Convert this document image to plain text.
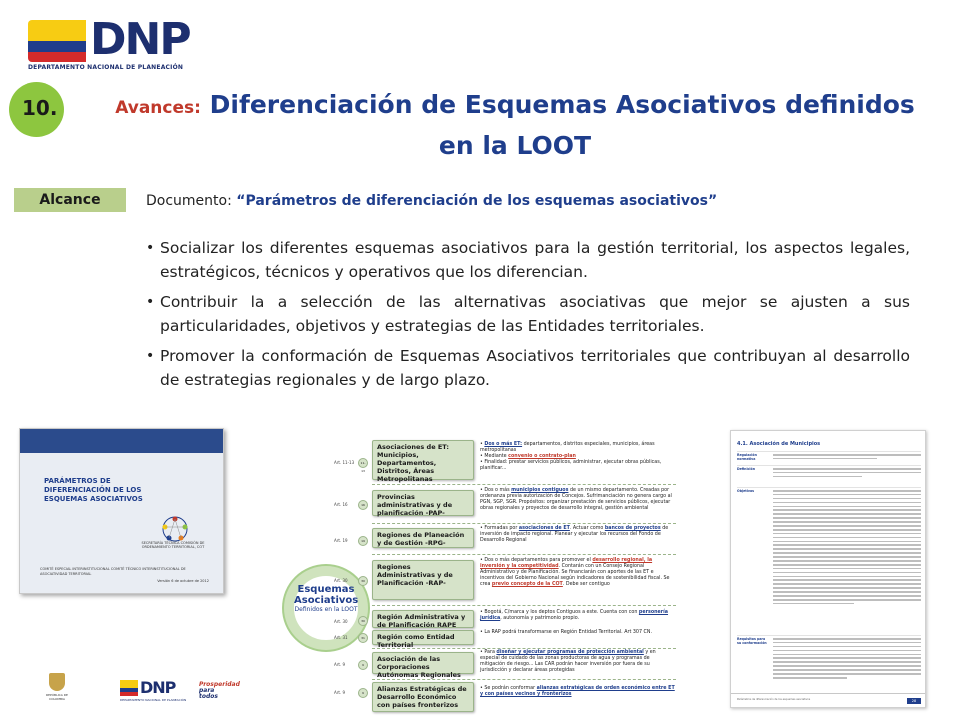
DNP
DEPARTAMENTO NACIONAL DE PLANEACIÓN
10.	Avances: Diferenciación de Esquemas Asociativos definidos en la LOOT
Alcance	Documento: “Parámetros de diferenciación de los esquemas asociativos”
• Socializar los diferentes esquemas asociativos para la gestión territorial, los aspectos legales, estratégicos, técnicos y operativos que los diferencian.
• Contribuir la a selección de las alternativas asociativas que mejor se ajusten a sus particularidades, objetivos y estrategias de las Entidades territoriales.
• Promover la conformación de Esquemas Asociativos territoriales que contribuyan al desarrollo de estrategias regionales y de largo plazo.
PARÁMETROS DE DIFERENCIACIÓN DE LOS ESQUEMAS ASOCIATIVOS
SECRETARÍA TÉCNICA COMISIÓN DE ORDENAMIENTO TERRITORIAL, COT
COMITÉ ESPECIAL INTERINSTITUCIONAL COMITÉ TÉCNICO INTERINSTITUCIONAL DE ASOCIATIVIDAD TERRITORIAL
Versión 6 de octubre de 2012
REPÚBLICA DE COLOMBIA
DNP
DEPARTAMENTO NACIONAL DE PLANEACIÓN
Prosperidad
para todos
Esquemas Asociativos
Definidos en la LOOT
Art. 11-13	11-13
Asociaciones de ET: Municipios, Departamentos, Distritos, Áreas Metropolitanas
• Dos o más ET: departamentos, distritos especiales, municipios, áreas metropolitanas
• Mediante convenio o contrato-plan
• Finalidad: prestar servicios públicos, administrar, ejecutar obras públicas, planificar...
Art. 16	16
Provincias administrativas y de planificación -PAP-
• Dos o más municipios contiguos de un mismo departamento. Creadas por ordenanza previa autorización de Concejos. Sufrimanciación no genera cargo al PGN, SGP, SGR. Propósitos: organizar prestación de servicios públicos, ejecutar obras regionales y proyectos de desarrollo integral, gestión ambiental
Art. 19	19
Regiones de Planeación y de Gestión -RPG-
• Formadas por asociaciones de ET. Actuar como bancos de proyectos de inversión de impacto regional. Planear y ejecutar los recursos del Fondo de Desarrollo Regional
Art. 30	30
Regiones Administrativas y de Planificación -RAP-
• Dos o más departamentos para promover el desarrollo regional, la inversión y la competitividad. Contarán con un Consejo Regional Administrativo y de Planificación. Se financiarán con aportes de las ET e incentivos del Gobierno Nacional según indicadores de sostenibilidad fiscal. Se crea previo concepto de la COT. Debe ser contiguo
Art. 30	30	Región Administrativa y de Planificación RAPE
• Bogotá, C/marca y los deptos Contiguos a este. Cuenta con con personería jurídica, autonomía y patrimonio propio.
Art. 31	31	Región como Entidad Territorial
• La RAP podrá transformarse en Región Entidad Territorial. Art 307 CN.
Art. 9	9
Asociación de las Corporaciones Autónomas Regionales
• Para diseñar y ejecutar programas de protección ambiental y en especial de cuidado de las zonas productoras de agua y programas de mitigación de riesgo... Las CAR podrán hacer inversión por fuera de su jurisdicción y declarar áreas protegidas
Art. 9	9	Alianzas Estratégicas de Desarrollo Económico con países fronterizos
• Se podrán conformar alianzas estratégicas de orden económico entre ET y con países vecinos y fronterizos
4.1. Asociación de Municipios
Regulación normativa
Definición
Objetivos
Requisitos para su conformación
Parámetros de diferenciación de los esquemas asociativos	28
